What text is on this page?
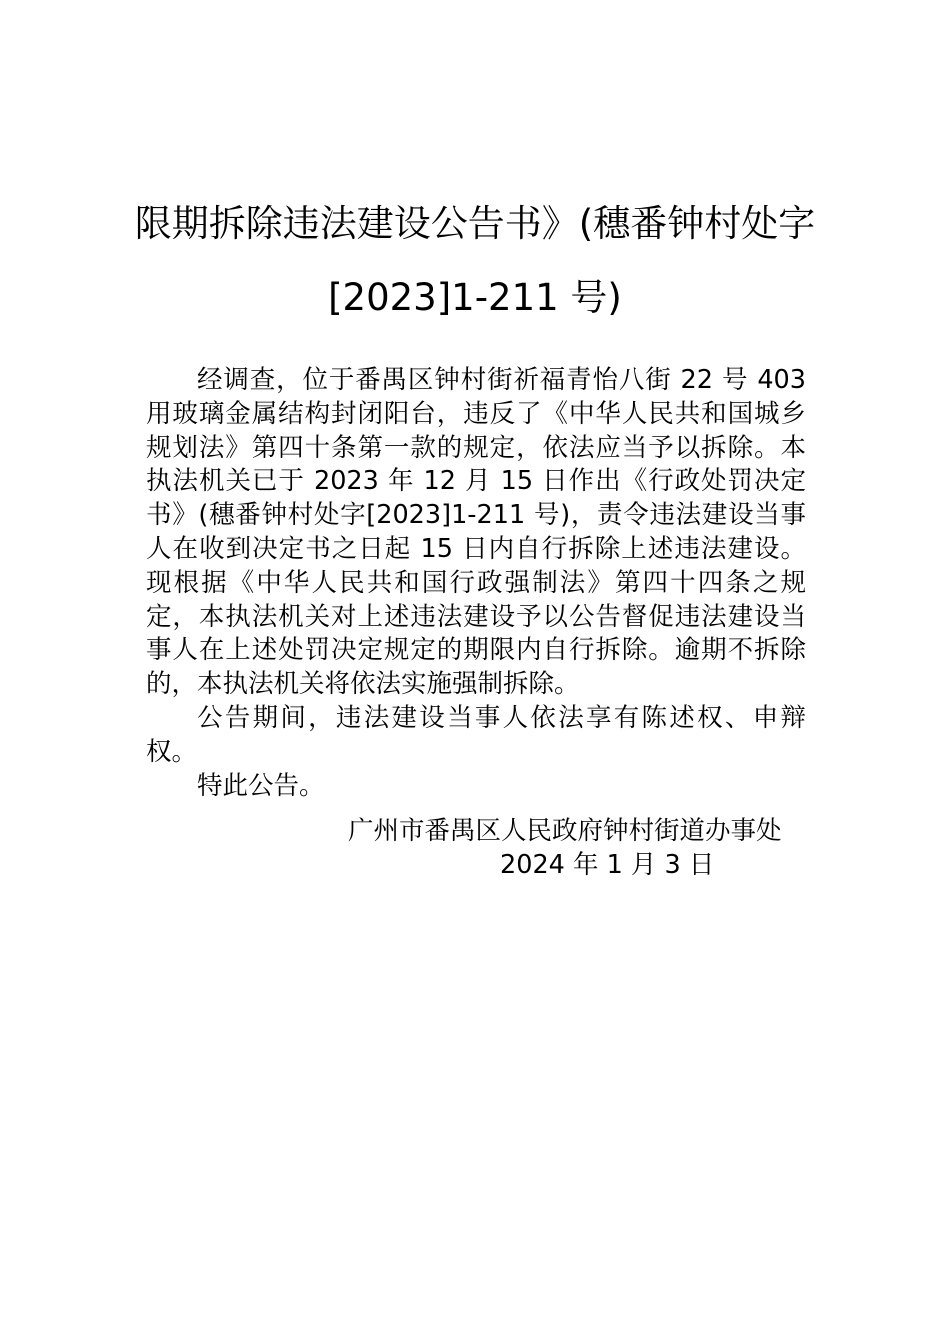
限期拆除违法建设公告书》(穗番钟村处字
[2023]1-211 号)

经调查，位于番禺区钟村街祈福青怡八街 22 号 403 用玻璃金属结构封闭阳台，违反了《中华人民共和国城乡规划法》第四十条第一款的规定，依法应当予以拆除。本执法机关已于 2023 年 12 月 15 日作出《行政处罚决定书》(穗番钟村处字[2023]1-211 号)，责令违法建设当事人在收到决定书之日起 15 日内自行拆除上述违法建设。现根据《中华人民共和国行政强制法》第四十四条之规定，本执法机关对上述违法建设予以公告督促违法建设当事人在上述处罚决定规定的期限内自行拆除。逾期不拆除的，本执法机关将依法实施强制拆除。

公告期间，违法建设当事人依法享有陈述权、申辩权。

特此公告。

广州市番禺区人民政府钟村街道办事处
2024 年 1 月 3 日
